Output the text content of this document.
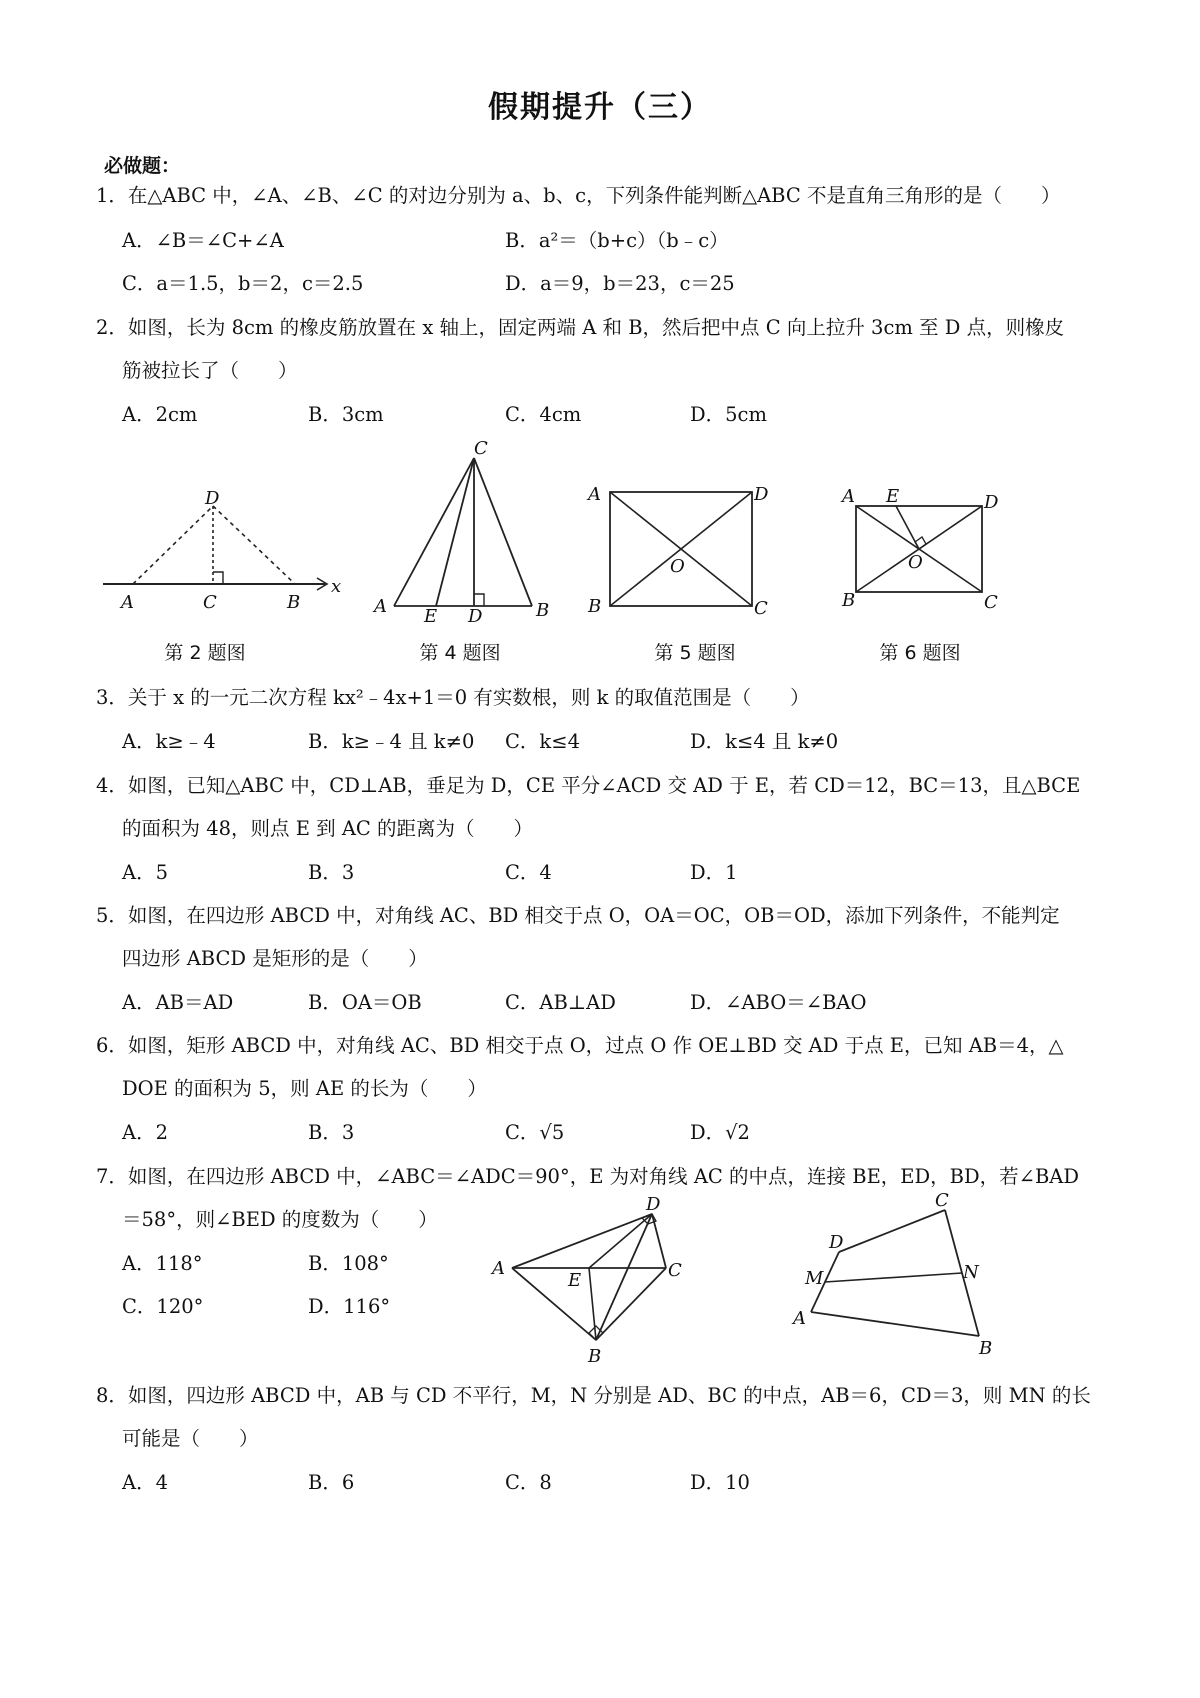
假期提升（三）
必做题：
1．在△ABC 中，∠A、∠B、∠C 的对边分别为 a、b、c，下列条件能判断△ABC 不是直角三角形的是（　　）
A．∠B＝∠C+∠A	B．a²＝（b+c）（b﹣c）
C．a＝1.5，b＝2，c＝2.5	D．a＝9，b＝23，c＝25
2．如图，长为 8cm 的橡皮筋放置在 x 轴上，固定两端 A 和 B，然后把中点 C 向上拉升 3cm 至 D 点，则橡皮
筋被拉长了（　　）
A．2cm	B．3cm	C．4cm	D．5cm
D
A	C	B
x
第 2 题图
C
A E D	B
第 4 题图
A	D
B	C
O
第 5 题图
A E	D
B	C
O
第 6 题图
3．关于 x 的一元二次方程 kx²﹣4x+1＝0 有实数根，则 k 的取值范围是（　　）
A．k≥﹣4	B．k≥﹣4 且 k≠0 C．k≤4	D．k≤4 且 k≠0
4．如图，已知△ABC 中，CD⊥AB，垂足为 D，CE 平分∠ACD 交 AD 于 E，若 CD＝12，BC＝13，且△BCE
的面积为 48，则点 E 到 AC 的距离为（　　）
A．5	B．3	C．4	D．1
5．如图，在四边形 ABCD 中，对角线 AC、BD 相交于点 O，OA＝OC，OB＝OD，添加下列条件，不能判定
四边形 ABCD 是矩形的是（　　）
A．AB＝AD	B．OA＝OB	C．AB⊥AD	D．∠ABO＝∠BAO
6．如图，矩形 ABCD 中，对角线 AC、BD 相交于点 O，过点 O 作 OE⊥BD 交 AD 于点 E，已知 AB＝4，△
DOE 的面积为 5，则 AE 的长为（　　）
A．2	B．3	C．√5	D．√2
7．如图，在四边形 ABCD 中，∠ABC＝∠ADC＝90°，E 为对角线 AC 的中点，连接 BE，ED，BD，若∠BAD
＝58°，则∠BED 的度数为（　　）
A．118°	B．108°
C．120°	D．116°
D
A
E	C
B
C
D
M	N
A
B
8．如图，四边形 ABCD 中，AB 与 CD 不平行，M，N 分别是 AD、BC 的中点，AB＝6，CD＝3，则 MN 的长
可能是（　　）
A．4	B．6	C．8	D．10
